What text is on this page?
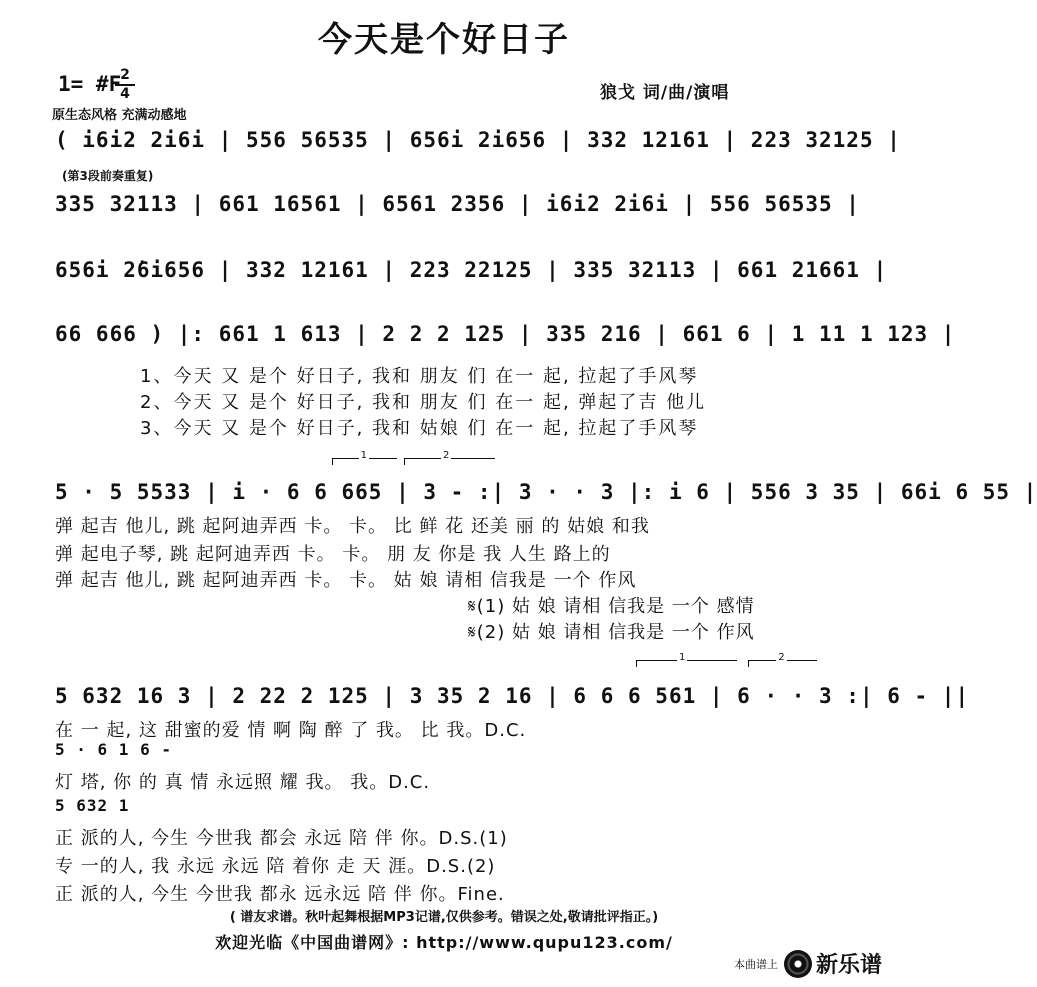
今天是个好日子
1= #F
2
4	狼戈 词/曲/演唱
原生态风格 充满动感地
( i6i2 2i6i | 556 56535 | 656i 2i656 | 332 12161 | 223 32125 |
(第3段前奏重复)
335 32113 | 661 16561 | 6561 2356 | i6i2 2i6i | 556 56535 |
656i 2̇6i656 | 332 12161 | 223 22125 | 335 32113 | 661 21661 |
66 666 ) |: 661 1 613 | 2 2 2 125 | 335 216 | 661 6 | 1 11 1 123 |
1、今天 又 是个 好日子, 我和 朋友 们 在一 起, 拉起了手风琴
2、今天 又 是个 好日子, 我和 朋友 们 在一 起, 弹起了吉 他儿
3、今天 又 是个 好日子, 我和 姑娘 们 在一 起, 拉起了手风琴
1	2
5 · 5 5533 | i · 6 6 665 | 3 - :| 3 · · 3 |: i 6 | 556 3 35 | 66i 6 55 |
弹 起吉 他儿, 跳 起阿迪弄西 卡。 卡。 比 鲜 花 还美 丽 的 姑娘 和我
弹 起电子琴, 跳 起阿迪弄西 卡。 卡。 朋 友 你是 我 人生 路上的
弹 起吉 他儿, 跳 起阿迪弄西 卡。 卡。 姑 娘 请相 信我是 一个 作风
𝄋(1) 姑 娘 请相 信我是 一个 感情
𝄋(2) 姑 娘 请相 信我是 一个 作风
1	2
5 632 16 3 | 2 22 2 125 | 3 35 2 16 | 6 6 6 561 | 6 · · 3 :| 6 - ||
在 一 起, 这 甜蜜的爱 情 啊 陶 醉 了 我。 比 我。D.C.
5 · 6 1 6 -
灯 塔, 你 的 真 情 永远照 耀 我。 我。D.C.
5 632 1
正 派的人, 今生 今世我 都会 永远 陪 伴 你。D.S.(1)
专 一的人, 我 永远 永远 陪 着你 走 天 涯。D.S.(2)
正 派的人, 今生 今世我 都永 远永远 陪 伴 你。Fine.
( 谱友求谱。秋叶起舞根据MP3记谱,仅供参考。错误之处,敬请批评指正。)
欢迎光临《中国曲谱网》: http://www.qupu123.com/
本曲谱上 新乐谱
